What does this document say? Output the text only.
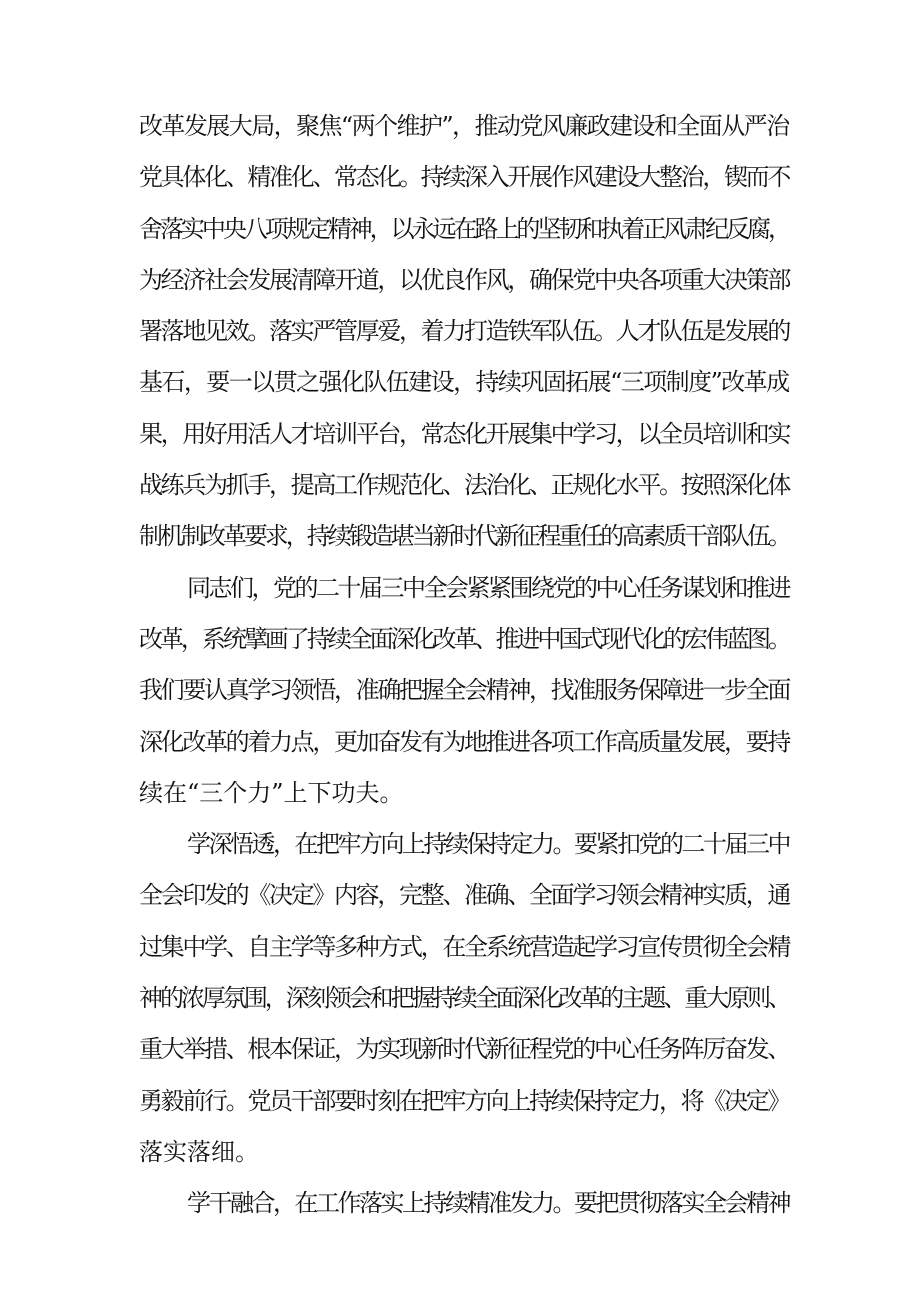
改革发展大局，聚焦“两个维护”，推动党风廉政建设和全面从严治
党具体化、精准化、常态化。持续深入开展作风建设大整治，锲而不
舍落实中央八项规定精神，以永远在路上的坚韧和执着正风肃纪反腐，
为经济社会发展清障开道，以优良作风，确保党中央各项重大决策部
署落地见效。落实严管厚爱，着力打造铁军队伍。人才队伍是发展的
基石，要一以贯之强化队伍建设，持续巩固拓展“三项制度”改革成
果，用好用活人才培训平台，常态化开展集中学习，以全员培训和实
战练兵为抓手，提高工作规范化、法治化、正规化水平。按照深化体
制机制改革要求，持续锻造堪当新时代新征程重任的高素质干部队伍。
同志们，党的二十届三中全会紧紧围绕党的中心任务谋划和推进
改革，系统擘画了持续全面深化改革、推进中国式现代化的宏伟蓝图。
我们要认真学习领悟，准确把握全会精神，找准服务保障进一步全面
深化改革的着力点，更加奋发有为地推进各项工作高质量发展，要持
续在“三个力”上下功夫。
学深悟透，在把牢方向上持续保持定力。要紧扣党的二十届三中
全会印发的《决定》内容，完整、准确、全面学习领会精神实质，通
过集中学、自主学等多种方式，在全系统营造起学习宣传贯彻全会精
神的浓厚氛围，深刻领会和把握持续全面深化改革的主题、重大原则、
重大举措、根本保证，为实现新时代新征程党的中心任务阵厉奋发、
勇毅前行。党员干部要时刻在把牢方向上持续保持定力，将《决定》
落实落细。
学干融合，在工作落实上持续精准发力。要把贯彻落实全会精神
